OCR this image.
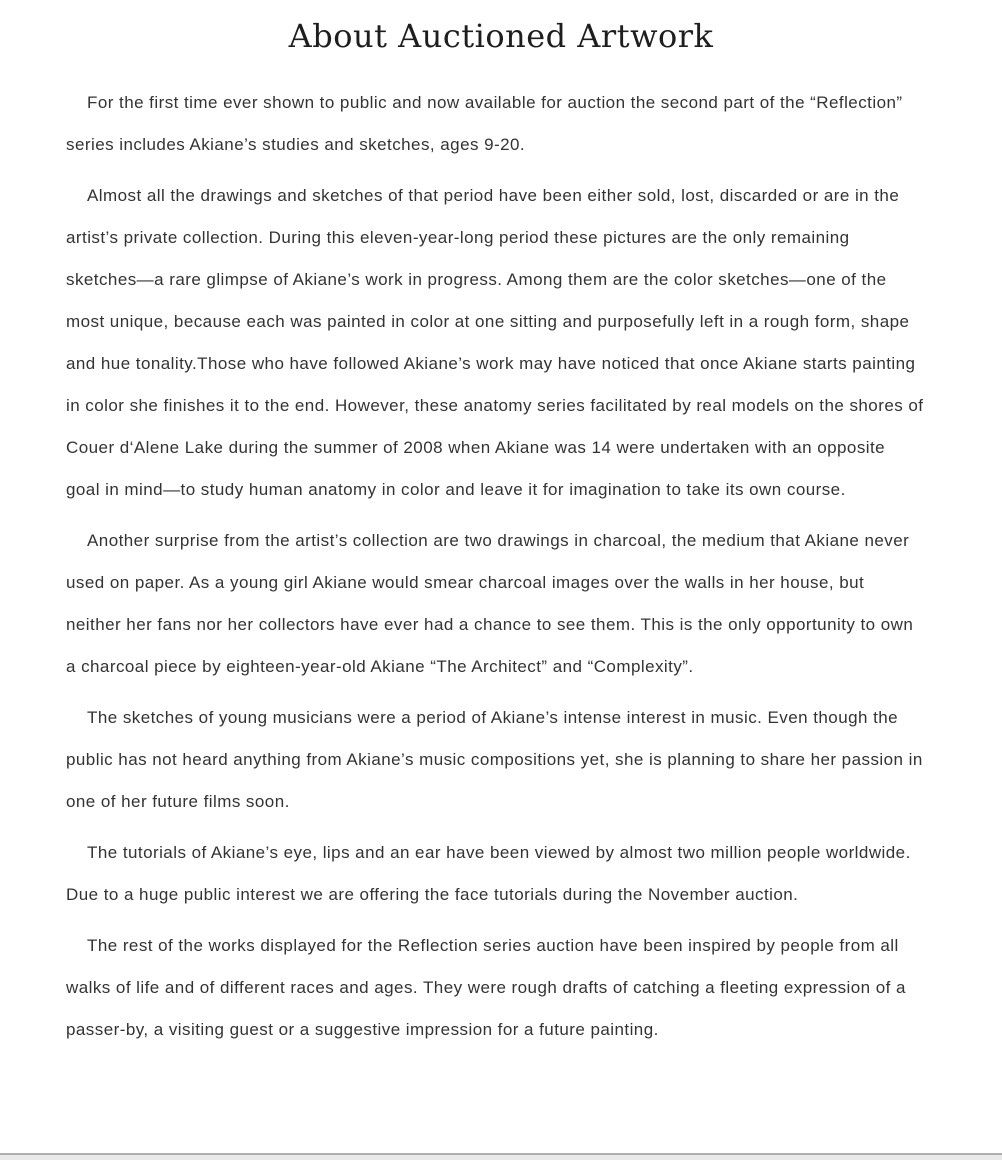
About Auctioned Artwork

For the first time ever shown to public and now available for auction the second part of the “Reflection” series includes Akiane’s studies and sketches, ages 9-20.

Almost all the drawings and sketches of that period have been either sold, lost, discarded or are in the artist’s private collection. During this eleven-year-long period these pictures are the only remaining sketches—a rare glimpse of Akiane’s work in progress. Among them are the color sketches—one of the most unique, because each was painted in color at one sitting and purposefully left in a rough form, shape and hue tonality.Those who have followed Akiane’s work may have noticed that once Akiane starts painting in color she finishes it to the end. However, these anatomy series facilitated by real models on the shores of Couer d‘Alene Lake during the summer of 2008 when Akiane was 14 were undertaken with an opposite goal in mind—to study human anatomy in color and leave it for imagination to take its own course.

Another surprise from the artist’s collection are two drawings in charcoal, the medium that Akiane never used on paper. As a young girl Akiane would smear charcoal images over the walls in her house, but neither her fans nor her collectors have ever had a chance to see them. This is the only opportunity to own a charcoal piece by eighteen-year-old Akiane “The Architect” and “Complexity”.

The sketches of young musicians were a period of Akiane’s intense interest in music. Even though the public has not heard anything from Akiane’s music compositions yet, she is planning to share her passion in one of her future films soon.

The tutorials of Akiane’s eye, lips and an ear have been viewed by almost two million people worldwide. Due to a huge public interest we are offering the face tutorials during the November auction.

The rest of the works displayed for the Reflection series auction have been inspired by people from all walks of life and of different races and ages. They were rough drafts of catching a fleeting expression of a passer-by, a visiting guest or a suggestive impression for a future painting.
